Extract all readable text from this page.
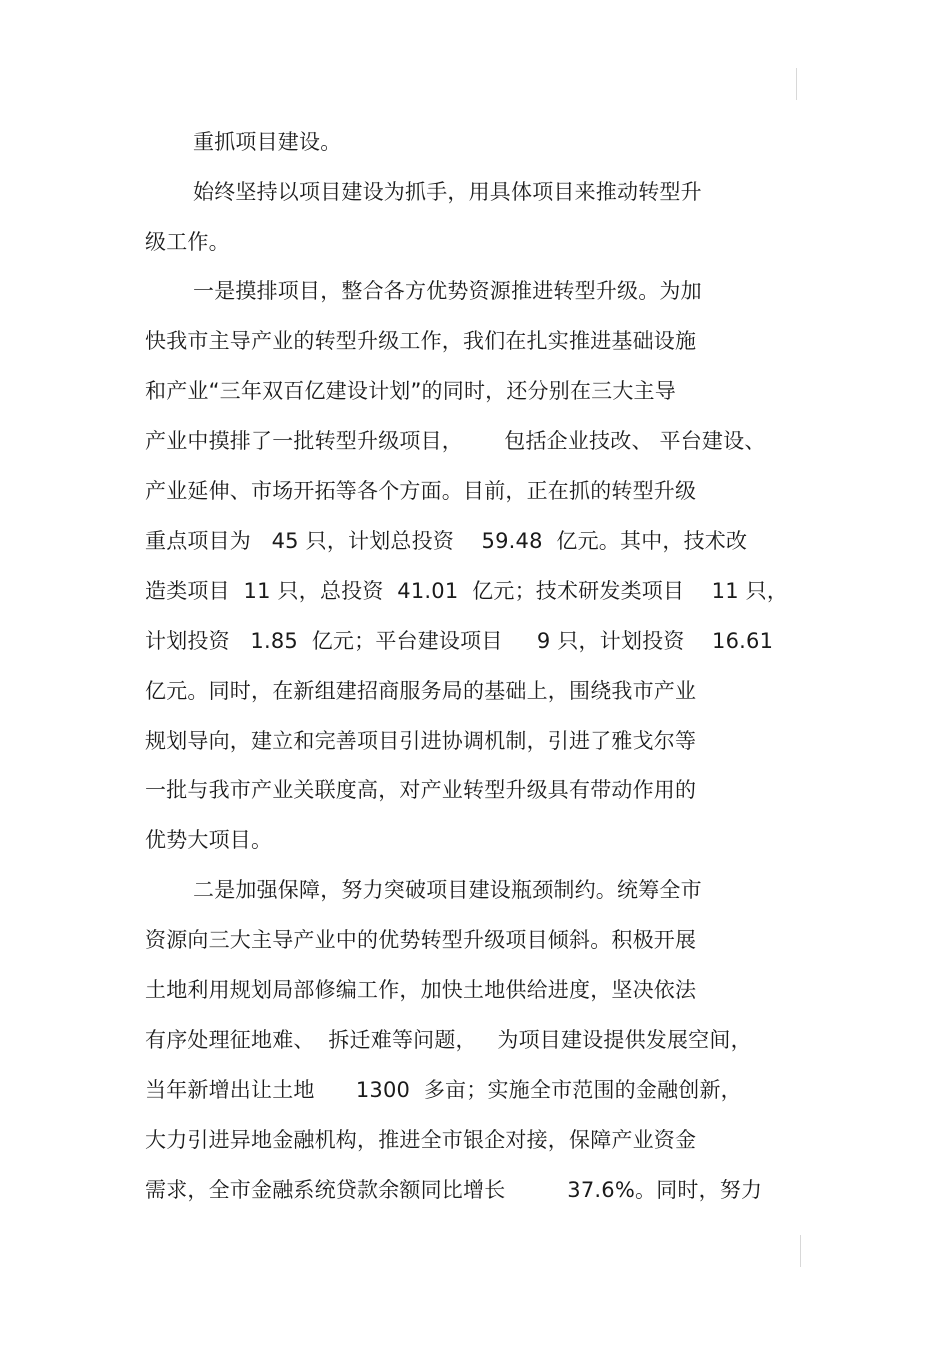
重抓项目建设。
始终坚持以项目建设为抓手，用具体项目来推动转型升
级工作。
一是摸排项目，整合各方优势资源推进转型升级。为加
快我市主导产业的转型升级工作，我们在扎实推进基础设施
和产业“三年双百亿建设计划”的同时，还分别在三大主导
产业中摸排了一批转型升级项目，      包括企业技改、 平台建设、
产业延伸、市场开拓等各个方面。目前，正在抓的转型升级
重点项目为   45 只，计划总投资    59.48  亿元。其中，技术改
造类项目  11 只，总投资  41.01  亿元；技术研发类项目    11 只，
计划投资   1.85  亿元；平台建设项目     9 只，计划投资    16.61
亿元。同时，在新组建招商服务局的基础上，围绕我市产业
规划导向，建立和完善项目引进协调机制，引进了雅戈尔等
一批与我市产业关联度高，对产业转型升级具有带动作用的
优势大项目。
二是加强保障，努力突破项目建设瓶颈制约。统筹全市
资源向三大主导产业中的优势转型升级项目倾斜。积极开展
土地利用规划局部修编工作，加快土地供给进度，坚决依法
有序处理征地难、  拆迁难等问题，   为项目建设提供发展空间，
当年新增出让土地      1300  多亩；实施全市范围的金融创新，
大力引进异地金融机构，推进全市银企对接，保障产业资金
需求，全市金融系统贷款余额同比增长         37.6%。同时，努力
